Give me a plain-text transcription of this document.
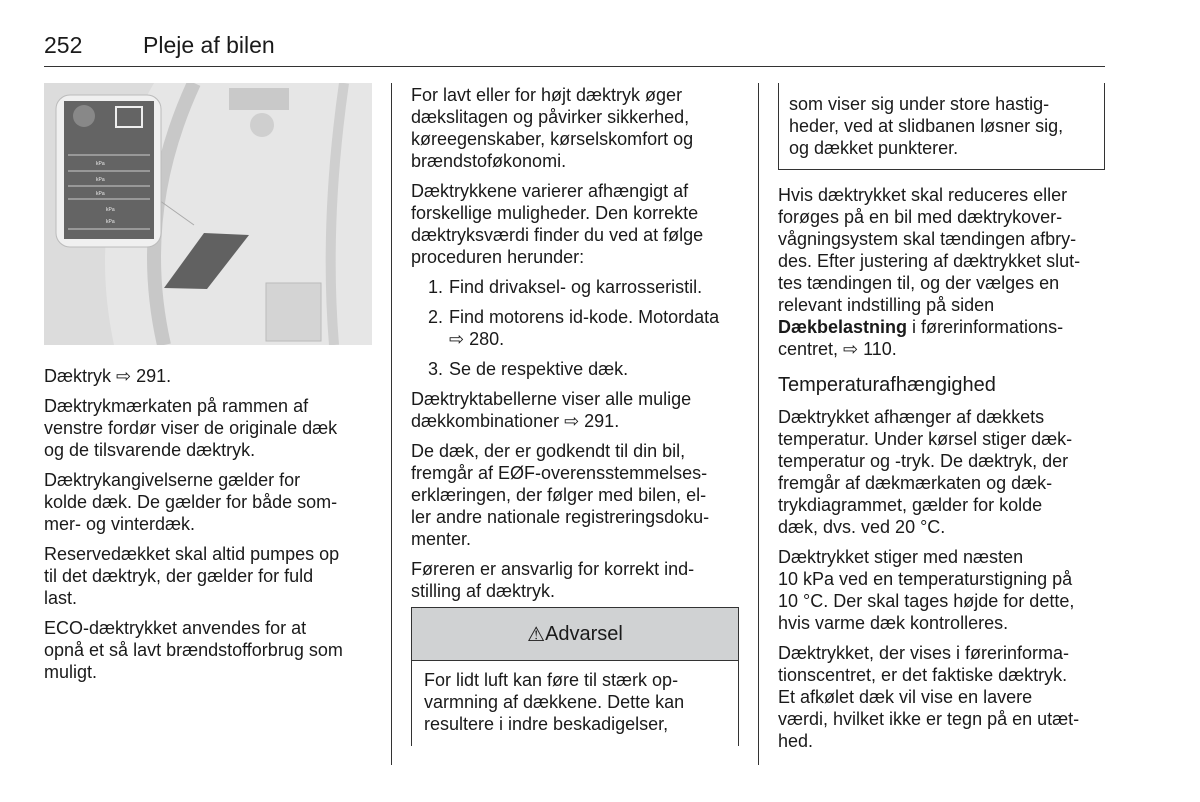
252	Pleje af bilen
kPa
kPa
kPa
kPa
kPa

Dæktryk ⇨ 291.

Dæktrykmærkaten på rammen af
venstre fordør viser de originale dæk
og de tilsvarende dæktryk.

Dæktrykangivelserne gælder for
kolde dæk. De gælder for både som-
mer- og vinterdæk.

Reservedækket skal altid pumpes op
til det dæktryk, der gælder for fuld
last.

ECO-dæktrykket anvendes for at
opnå et så lavt brændstofforbrug som
muligt.

For lavt eller for højt dæktryk øger
dækslitagen og påvirker sikkerhed,
køreegenskaber, kørselskomfort og
brændstoføkonomi.

Dæktrykkene varierer afhængigt af
forskellige muligheder. Den korrekte
dæktryksværdi finder du ved at følge
proceduren herunder:

1. Find drivaksel- og karrosseristil.
2. Find motorens id-kode. Motordata
⇨ 280.
3. Se de respektive dæk.

Dæktryktabellerne viser alle mulige
dækkombinationer ⇨ 291.

De dæk, der er godkendt til din bil,
fremgår af EØF-overensstemmelses-
erklæringen, der følger med bilen, el-
ler andre nationale registreringsdoku-
menter.

Føreren er ansvarlig for korrekt ind-
stilling af dæktryk.

⚠ Advarsel
For lidt luft kan føre til stærk op-
varmning af dækkene. Dette kan
resultere i indre beskadigelser,
som viser sig under store hastig-
heder, ved at slidbanen løsner sig,
og dækket punkterer.

Hvis dæktrykket skal reduceres eller
forøges på en bil med dæktrykover-
vågningsystem skal tændingen afbry-
des. Efter justering af dæktrykket slut-
tes tændingen til, og der vælges en
relevant indstilling på siden
Dækbelastning i førerinformations-
centret, ⇨ 110.

Temperaturafhængighed

Dæktrykket afhænger af dækkets
temperatur. Under kørsel stiger dæk-
temperatur og -tryk. De dæktryk, der
fremgår af dækmærkaten og dæk-
trykdiagrammet, gælder for kolde
dæk, dvs. ved 20 °C.

Dæktrykket stiger med næsten
10 kPa ved en temperaturstigning på
10 °C. Der skal tages højde for dette,
hvis varme dæk kontrolleres.

Dæktrykket, der vises i førerinforma-
tionscentret, er det faktiske dæktryk.
Et afkølet dæk vil vise en lavere
værdi, hvilket ikke er tegn på en utæt-
hed.
